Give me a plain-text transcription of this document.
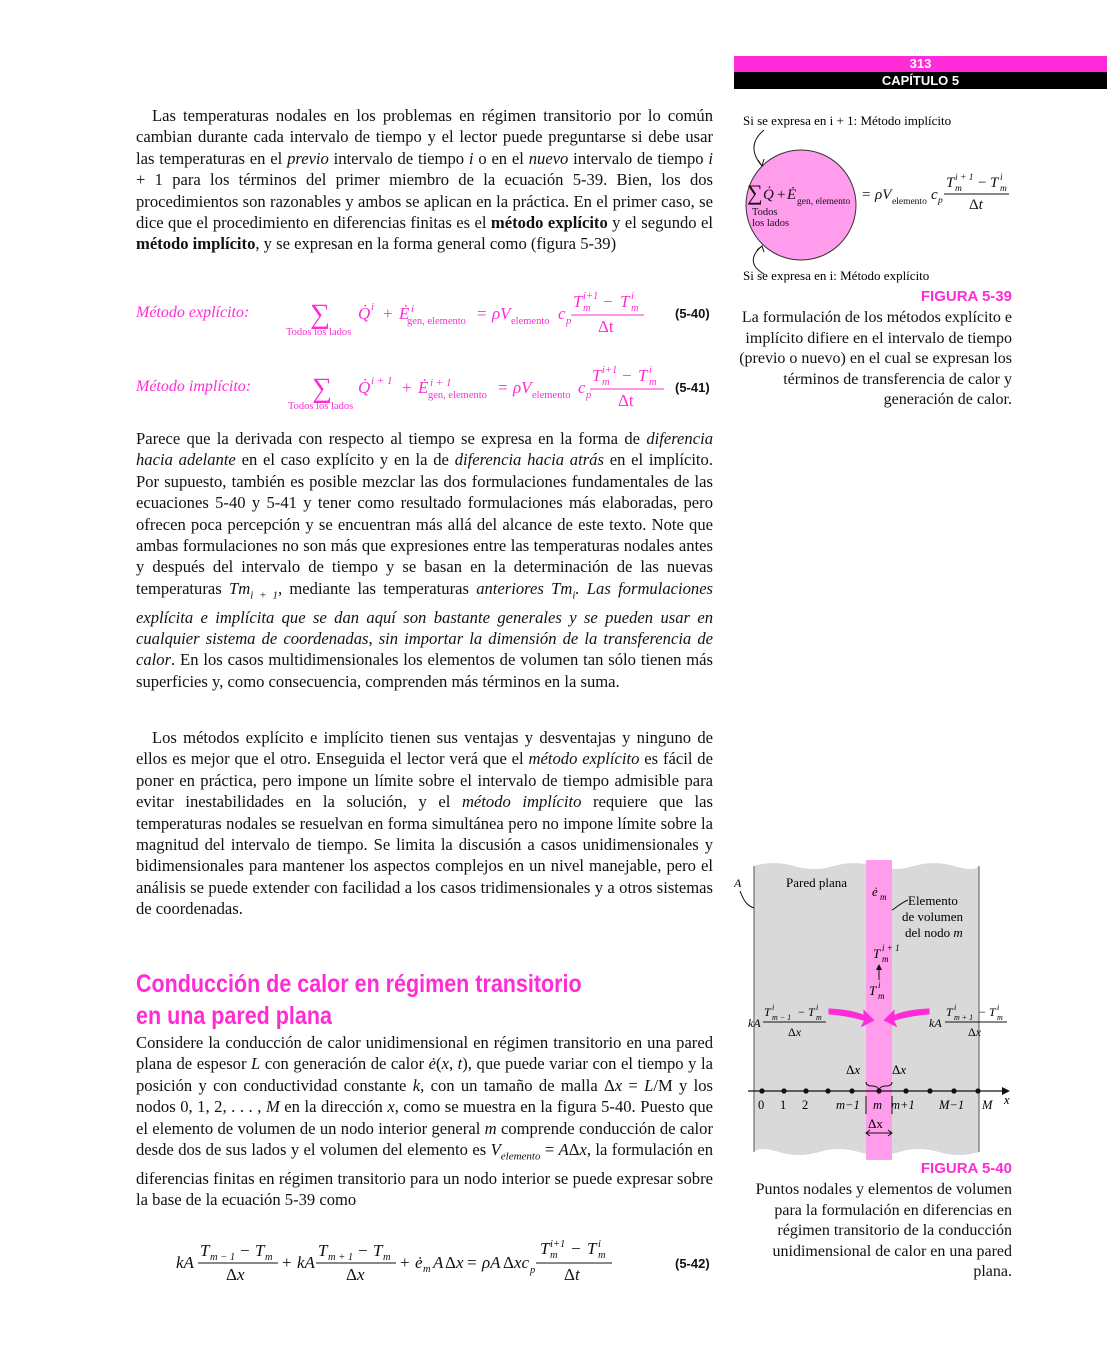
313
CAPÍTULO 5

Las temperaturas nodales en los problemas en régimen transitorio por lo común cambian durante cada intervalo de tiempo y el lector puede preguntarse si debe usar las temperaturas en el previo intervalo de tiempo i o en el nuevo intervalo de tiempo i + 1 para los términos del primer miembro de la ecuación 5-39. Bien, los dos procedimientos son razonables y ambos se aplican en la práctica. En el primer caso, se dice que el procedimiento en diferencias finitas es el método explícito y el segundo el método implícito, y se expresan en la forma general como (figura 5-39)

Método explícito: ∑
Todos los lados
Q̇ i + Ė i
gen, elemento = ρV elemento c p
T i+1
m − T i
m
Δt
(5-40)
Método implícito: ∑
Todos los lados
Q̇ i + 1 + Ė i + 1
gen, elemento = ρV elemento c p
T i+1
m − T i
m
Δt
(5-41)

Parece que la derivada con respecto al tiempo se expresa en la forma de diferencia hacia adelante en el caso explícito y en la de diferencia hacia atrás en el implícito. Por supuesto, también es posible mezclar las dos formulaciones fundamentales de las ecuaciones 5-40 y 5-41 y tener como resultado formulaciones más elaboradas, pero ofrecen poca percepción y se encuentran más allá del alcance de este texto. Note que ambas formulaciones no son más que expresiones entre las temperaturas nodales antes y después del intervalo de tiempo y se basan en la determinación de las nuevas temperaturas $Tm_{i + 1}$, mediante las temperaturas anteriores $Tm_i$. Las formulaciones explícita e implícita que se dan aquí son bastante generales y se pueden usar en cualquier sistema de coordenadas, sin importar la dimensión de la transferencia de calor. En los casos multidimensionales los elementos de volumen tan sólo tienen más superficies y, como consecuencia, comprenden más términos en la suma.

Los métodos explícito e implícito tienen sus ventajas y desventajas y ninguno de ellos es mejor que el otro. Enseguida el lector verá que el método explícito es fácil de poner en práctica, pero impone un límite sobre el intervalo de tiempo admisible para evitar inestabilidades en la solución, y el método implícito requiere que las temperaturas nodales se resuelvan en forma simultánea pero no impone límite sobre la magnitud del intervalo de tiempo. Se limita la discusión a casos unidimensionales y bidimensionales para mantener los aspectos complejos en un nivel manejable, pero el análisis se puede extender con facilidad a los casos tridimensionales y a otros sistemas de coordenadas.

Conducción de calor en régimen transitorio
en una pared plana

Considere la conducción de calor unidimensional en régimen transitorio en una pared plana de espesor L con generación de calor ė(x, t), que puede variar con el tiempo y la posición y con conductividad constante k, con un tamaño de malla Δx = L/M y los nodos 0, 1, 2, . . . , M en la dirección x, como se muestra en la figura 5-40. Puesto que el elemento de volumen de un nodo interior general m comprende conducción de calor desde dos de sus lados y el volumen del elemento es $V_{elemento} = A\Delta x$, la formulación en diferencias finitas en régimen transitorio para un nodo interior se puede expresar sobre la base de la ecuación 5-39 como

kA
T m − 1 − T m
Δ x
+ kA
T m + 1 − T m
Δ x
+ ė m A Δ x = ρA Δ xc p
T i+1
m − T i
m
Δ t
(5-42)
Si se expresa en i + 1: Método implícito
∑ Q̇ + Ė gen, elemento
Todos
los lados
= ρV elemento c p
T i + 1
m − T i
m
Δt
Si se expresa en i: Método explícito
FIGURA 5-39
La formulación de los métodos explícito e implícito difiere en el intervalo de tiempo (previo o nuevo) en el cual se expresan los términos de transferencia de calor y generación de calor.
A	Pared plana
ė m Elemento
de volumen
del nodo m
T i + 1
m
T i
m
kA
T i
m − 1 − T i
m
Δx
kA
T i
m + 1 − T i
m
Δx
Δx Δx
0 1 2 m−1 m m+1 M−1 M x
Δx
FIGURA 5-40
Puntos nodales y elementos de volumen para la formulación en diferencias en régimen transitorio de la conducción unidimensional de calor en una pared plana.
